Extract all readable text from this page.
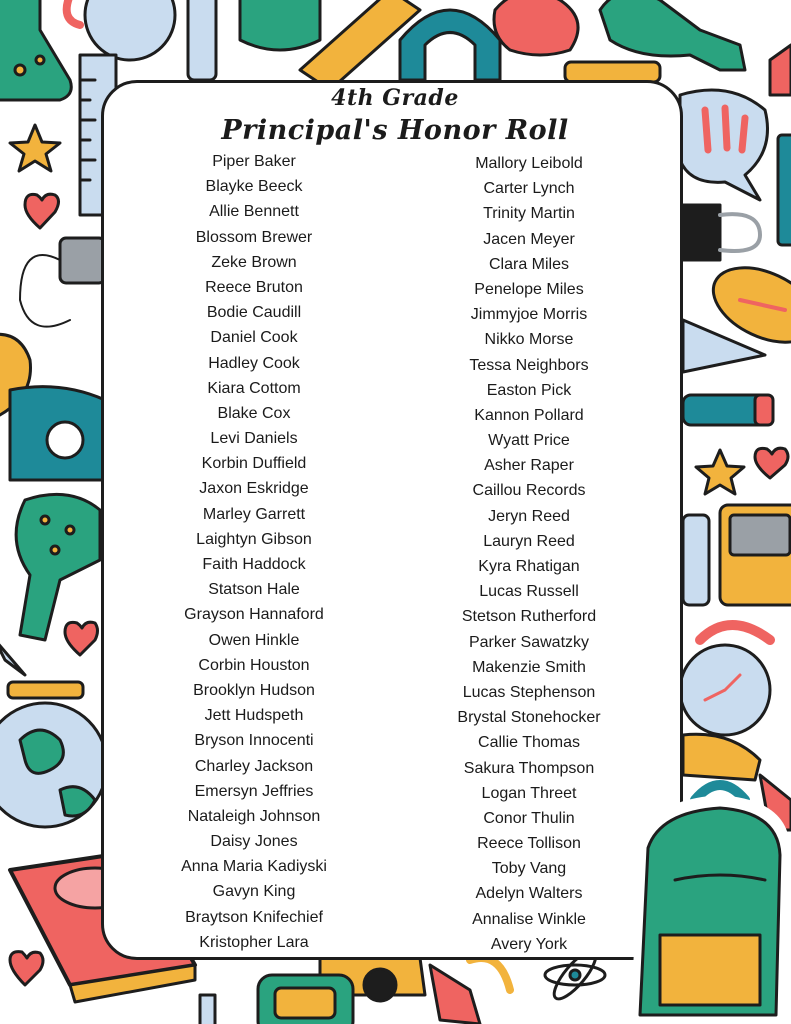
4th Grade
Principal's Honor Roll
Piper Baker
Blayke Beeck
Allie Bennett
Blossom Brewer
Zeke Brown
Reece Bruton
Bodie Caudill
Daniel Cook
Hadley Cook
Kiara Cottom
Blake Cox
Levi Daniels
Korbin Duffield
Jaxon Eskridge
Marley Garrett
Laightyn Gibson
Faith Haddock
Statson Hale
Grayson Hannaford
Owen Hinkle
Corbin Houston
Brooklyn Hudson
Jett Hudspeth
Bryson Innocenti
Charley Jackson
Emersyn Jeffries
Nataleigh Johnson
Daisy Jones
Anna Maria Kadiyski
Gavyn King
Braytson Knifechief
Kristopher Lara
Mallory Leibold
Carter Lynch
Trinity Martin
Jacen Meyer
Clara Miles
Penelope Miles
Jimmyjoe Morris
Nikko Morse
Tessa Neighbors
Easton Pick
Kannon Pollard
Wyatt Price
Asher Raper
Caillou Records
Jeryn Reed
Lauryn Reed
Kyra Rhatigan
Lucas Russell
Stetson Rutherford
Parker Sawatzky
Makenzie Smith
Lucas Stephenson
Brystal Stonehocker
Callie Thomas
Sakura Thompson
Logan Threet
Conor Thulin
Reece Tollison
Toby Vang
Adelyn Walters
Annalise Winkle
Avery York
